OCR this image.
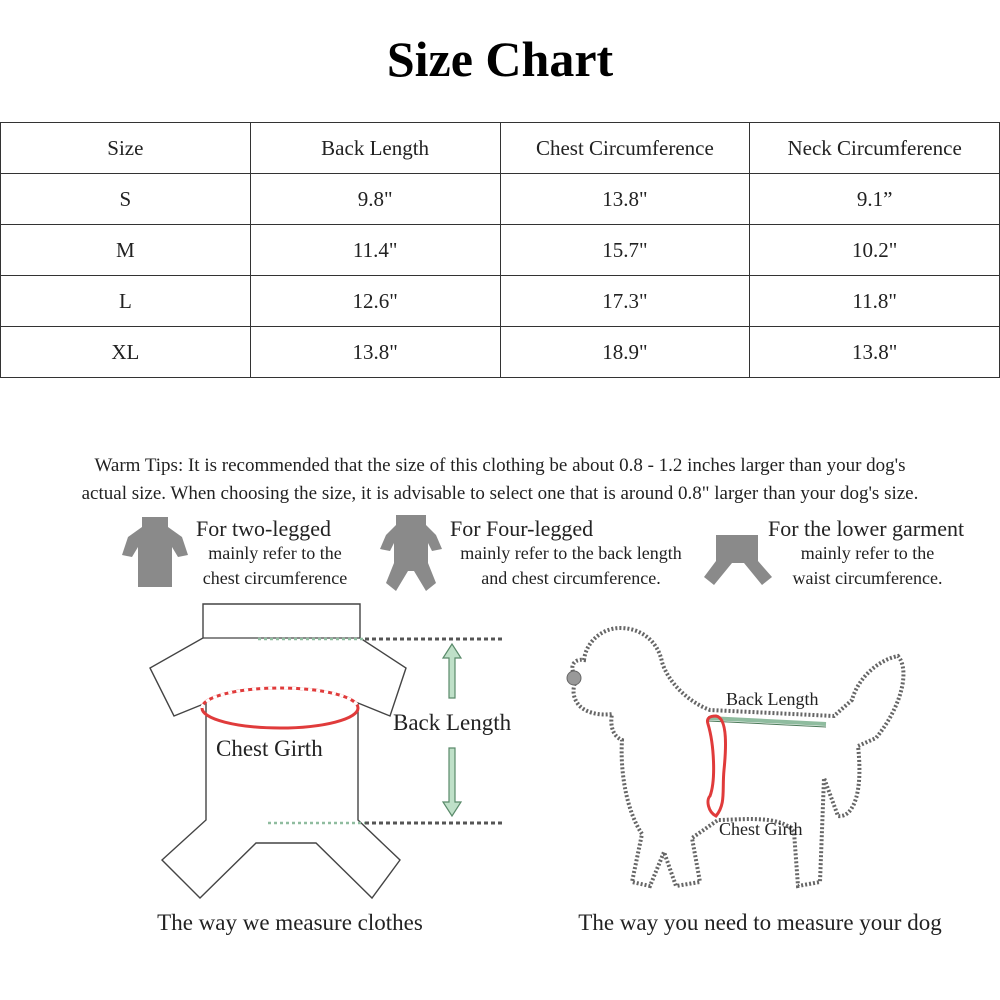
Size Chart
Size	Back Length	Chest Circumference	Neck Circumference
S	9.8"	13.8"	9.1”
M	11.4"	15.7"	10.2"
L	12.6"	17.3"	11.8"
XL	13.8"	18.9"	13.8"
Warm Tips: It is recommended that the size of this clothing be about 0.8 - 1.2 inches larger than your dog's
actual size. When choosing the size, it is advisable to select one that is around 0.8" larger than your dog's size.
For two-legged
mainly refer to the
chest circumference
For Four-legged
mainly refer to the back length
and chest circumference.
For the lower garment
mainly refer to the
waist circumference.
Chest Girth
Back Length
The way we measure clothes
Back Length
Chest Girth
The way you need to measure your dog
